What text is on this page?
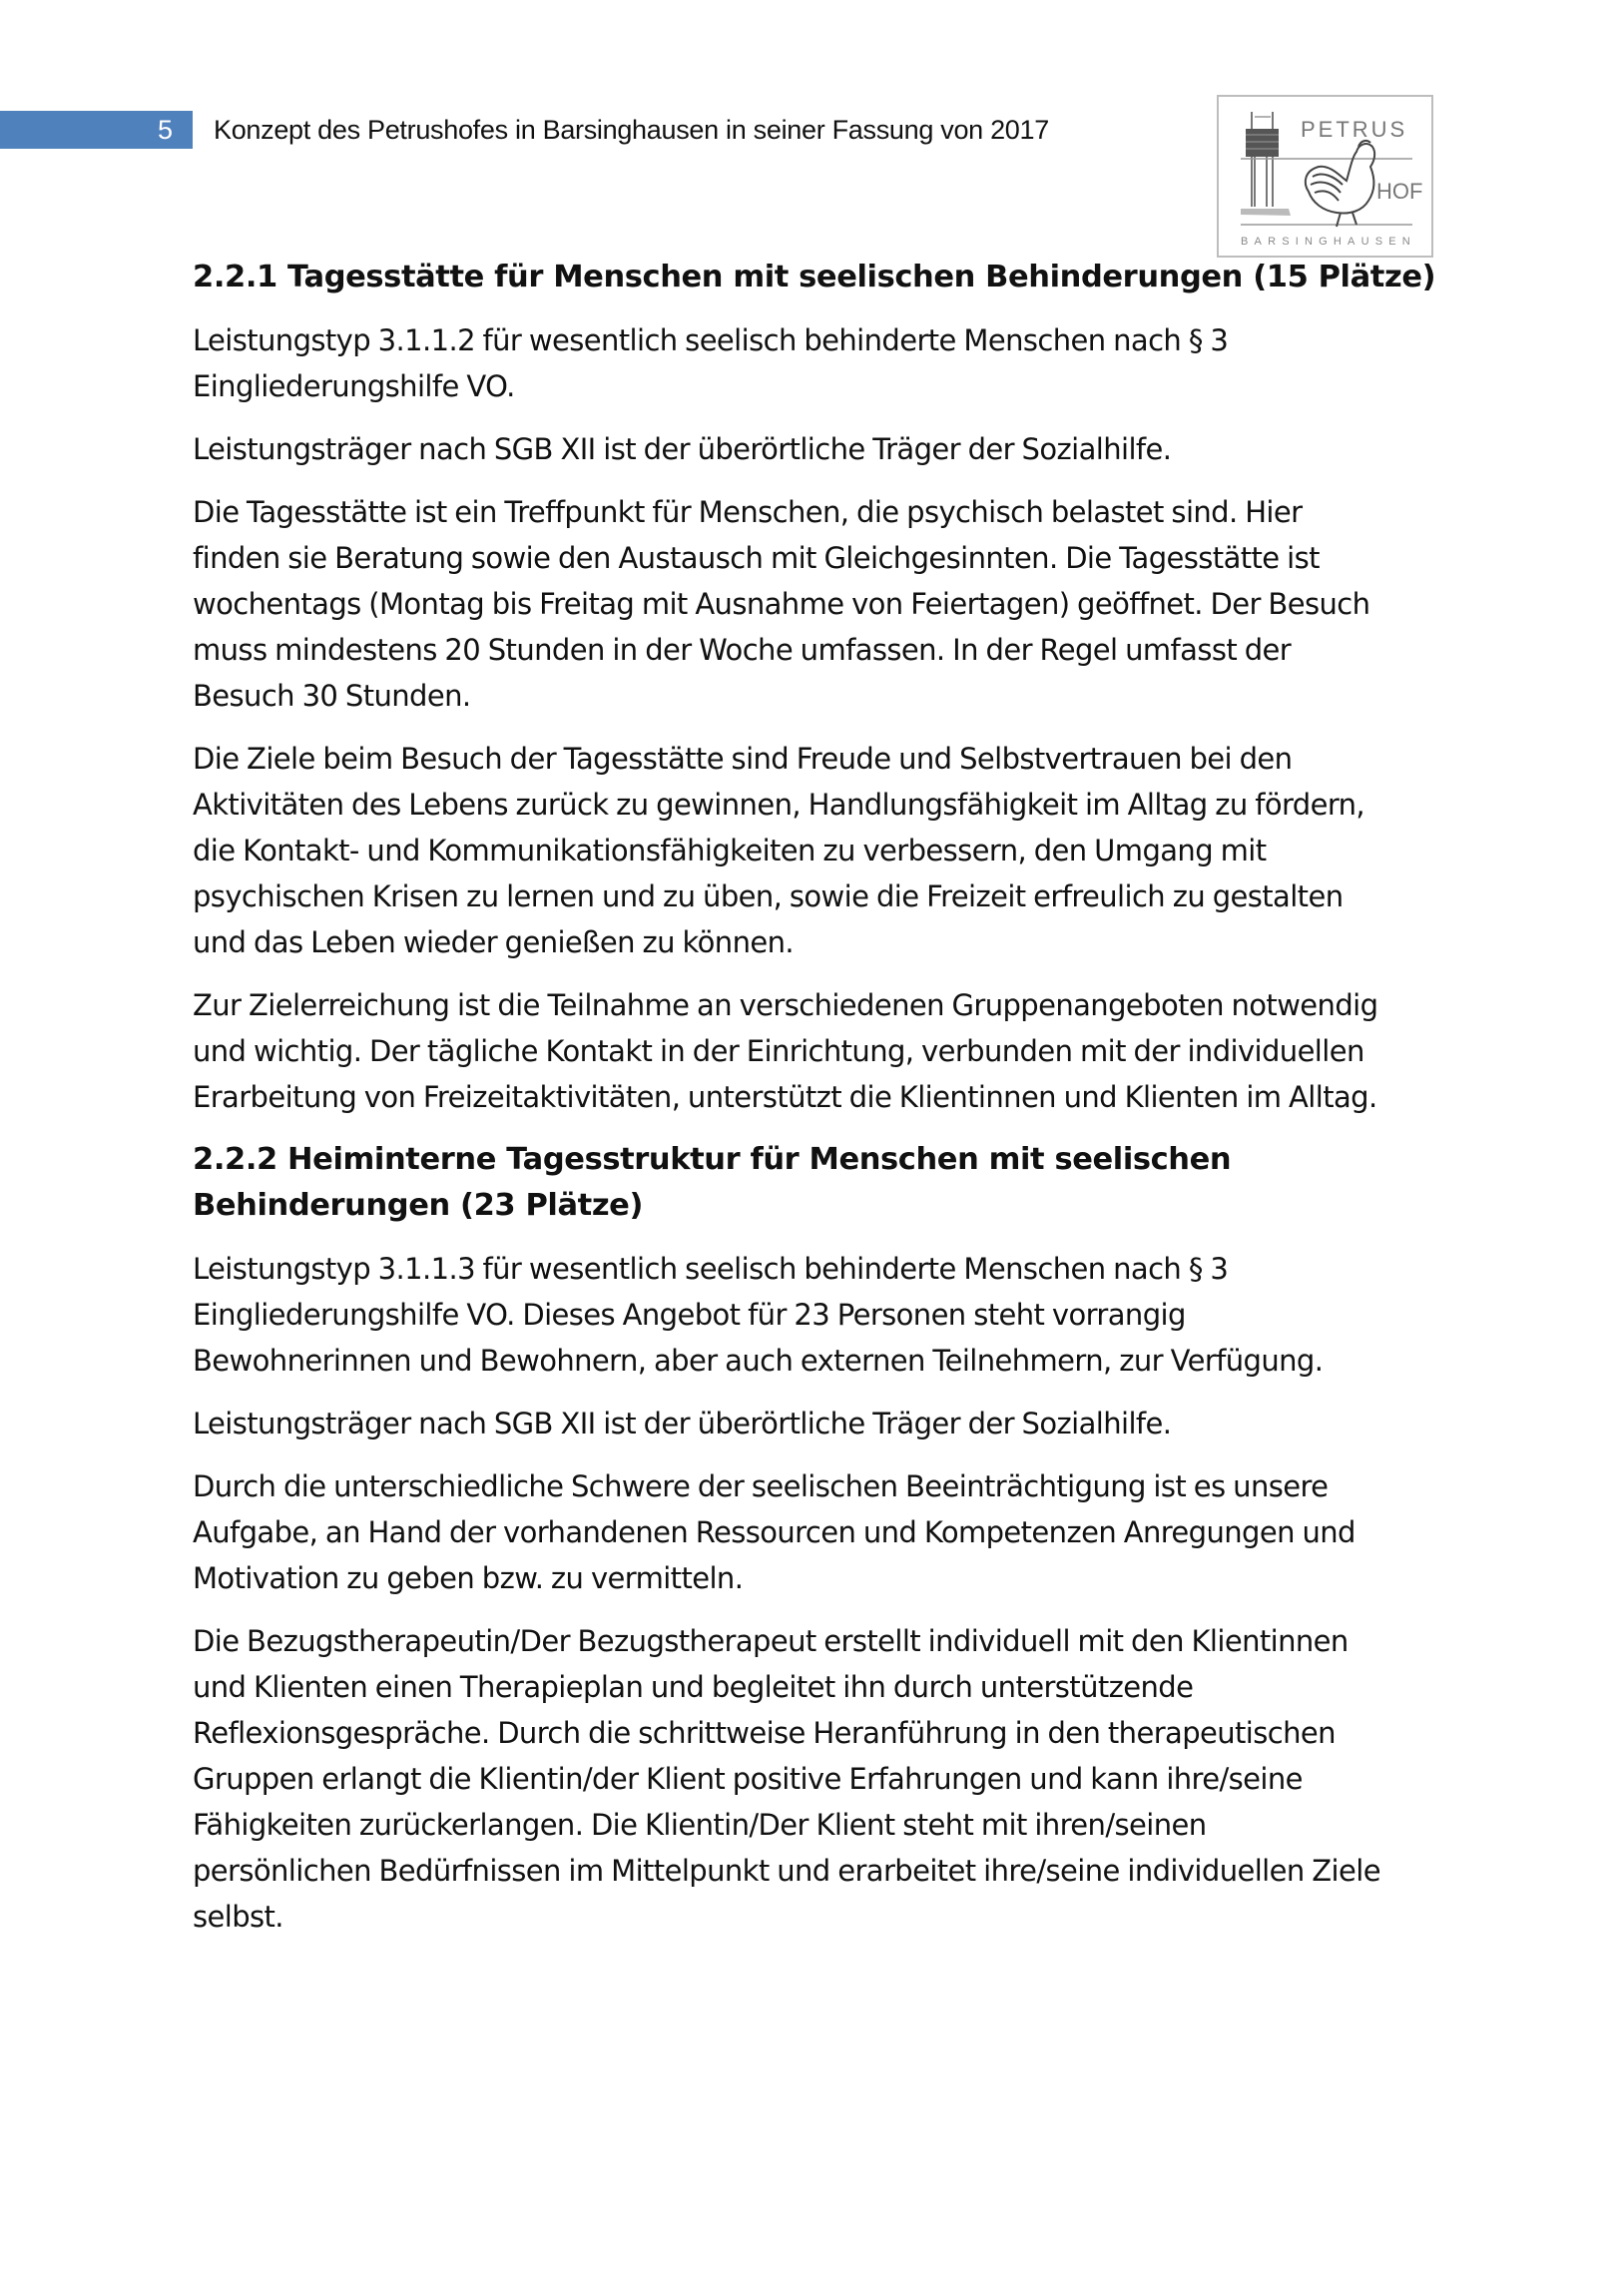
5	Konzept des Petrushofes in Barsinghausen in seiner Fassung von 2017	PETRUS
HOF
BARSINGHAUSEN
2.2.1 Tagesstätte für Menschen mit seelischen Behinderungen (15 Plätze)

Leistungstyp 3.1.1.2 für wesentlich seelisch behinderte Menschen nach § 3
Eingliederungshilfe VO.

Leistungsträger nach SGB XII ist der überörtliche Träger der Sozialhilfe.

Die Tagesstätte ist ein Treffpunkt für Menschen, die psychisch belastet sind. Hier
finden sie Beratung sowie den Austausch mit Gleichgesinnten. Die Tagesstätte ist
wochentags (Montag bis Freitag mit Ausnahme von Feiertagen) geöffnet. Der Besuch
muss mindestens 20 Stunden in der Woche umfassen. In der Regel umfasst der
Besuch 30 Stunden.

Die Ziele beim Besuch der Tagesstätte sind Freude und Selbstvertrauen bei den
Aktivitäten des Lebens zurück zu gewinnen, Handlungsfähigkeit im Alltag zu fördern,
die Kontakt- und Kommunikationsfähigkeiten zu verbessern, den Umgang mit
psychischen Krisen zu lernen und zu üben, sowie die Freizeit erfreulich zu gestalten
und das Leben wieder genießen zu können.

Zur Zielerreichung ist die Teilnahme an verschiedenen Gruppenangeboten notwendig
und wichtig. Der tägliche Kontakt in der Einrichtung, verbunden mit der individuellen
Erarbeitung von Freizeitaktivitäten, unterstützt die Klientinnen und Klienten im Alltag.

2.2.2 Heiminterne Tagesstruktur für Menschen mit seelischen
Behinderungen (23 Plätze)

Leistungstyp 3.1.1.3 für wesentlich seelisch behinderte Menschen nach § 3
Eingliederungshilfe VO. Dieses Angebot für 23 Personen steht vorrangig
Bewohnerinnen und Bewohnern, aber auch externen Teilnehmern, zur Verfügung.

Leistungsträger nach SGB XII ist der überörtliche Träger der Sozialhilfe.

Durch die unterschiedliche Schwere der seelischen Beeinträchtigung ist es unsere
Aufgabe, an Hand der vorhandenen Ressourcen und Kompetenzen Anregungen und
Motivation zu geben bzw. zu vermitteln.

Die Bezugstherapeutin/Der Bezugstherapeut erstellt individuell mit den Klientinnen
und Klienten einen Therapieplan und begleitet ihn durch unterstützende
Reflexionsgespräche. Durch die schrittweise Heranführung in den therapeutischen
Gruppen erlangt die Klientin/der Klient positive Erfahrungen und kann ihre/seine
Fähigkeiten zurückerlangen. Die Klientin/Der Klient steht mit ihren/seinen
persönlichen Bedürfnissen im Mittelpunkt und erarbeitet ihre/seine individuellen Ziele
selbst.
